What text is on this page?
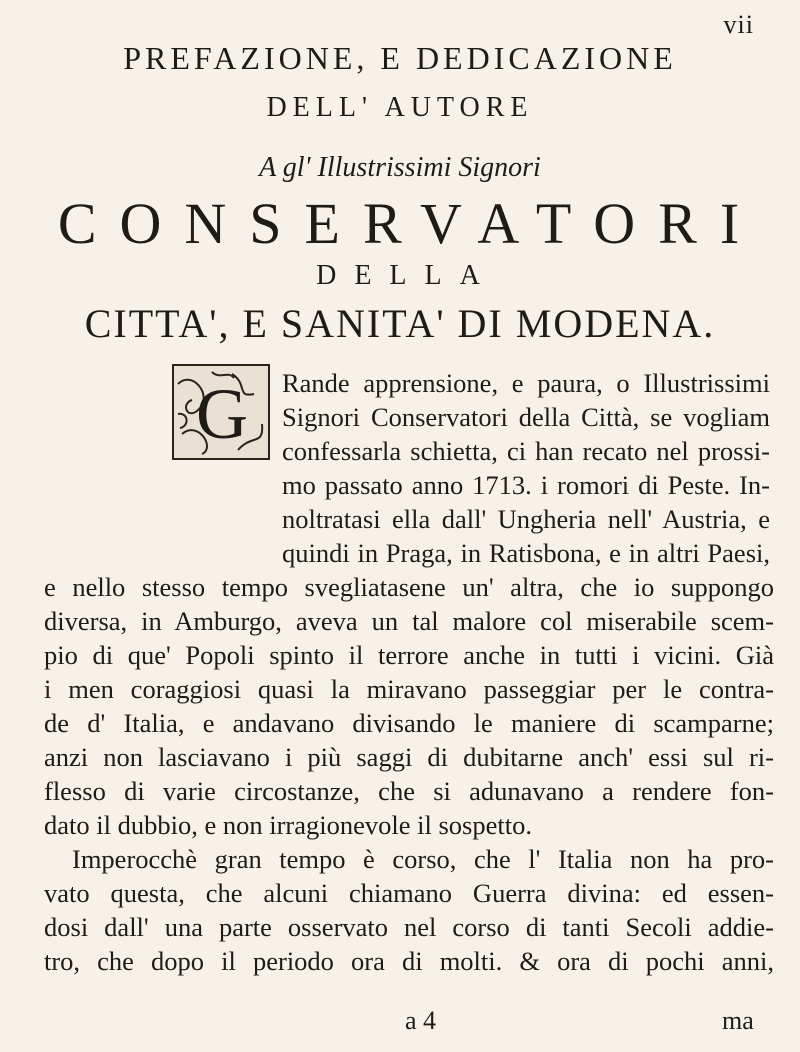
vii
PREFAZIONE, E DEDICAZIONE
DELL' AUTORE
A gl' Illustrissimi Signori
CONSERVATORI
DELLA
CITTA', E SANITA' DI MODENA.
G Rande apprensione, e paura, o Illustrissimi
Signori Conservatori della Città, se vogliam
confessarla schietta, ci han recato nel prossi-
mo passato anno 1713. i romori di Peste. In-
noltratasi ella dall' Ungheria nell' Austria, e
quindi in Praga, in Ratisbona, e in altri Paesi,
e nello stesso tempo svegliatasene un' altra, che io suppongo
diversa, in Amburgo, aveva un tal malore col miserabile scem-
pio di que' Popoli spinto il terrore anche in tutti i vicini. Già
i men coraggiosi quasi la miravano passeggiar per le contra-
de d' Italia, e andavano divisando le maniere di scamparne;
anzi non lasciavano i più saggi di dubitarne anch' essi sul ri-
flesso di varie circostanze, che si adunavano a rendere fon-
dato il dubbio, e non irragionevole il sospetto.
Imperocchè gran tempo è corso, che l' Italia non ha pro-
vato questa, che alcuni chiamano Guerra divina: ed essen-
dosi dall' una parte osservato nel corso di tanti Secoli addie-
tro, che dopo il periodo ora di molti. & ora di pochi anni,
a 4	ma
